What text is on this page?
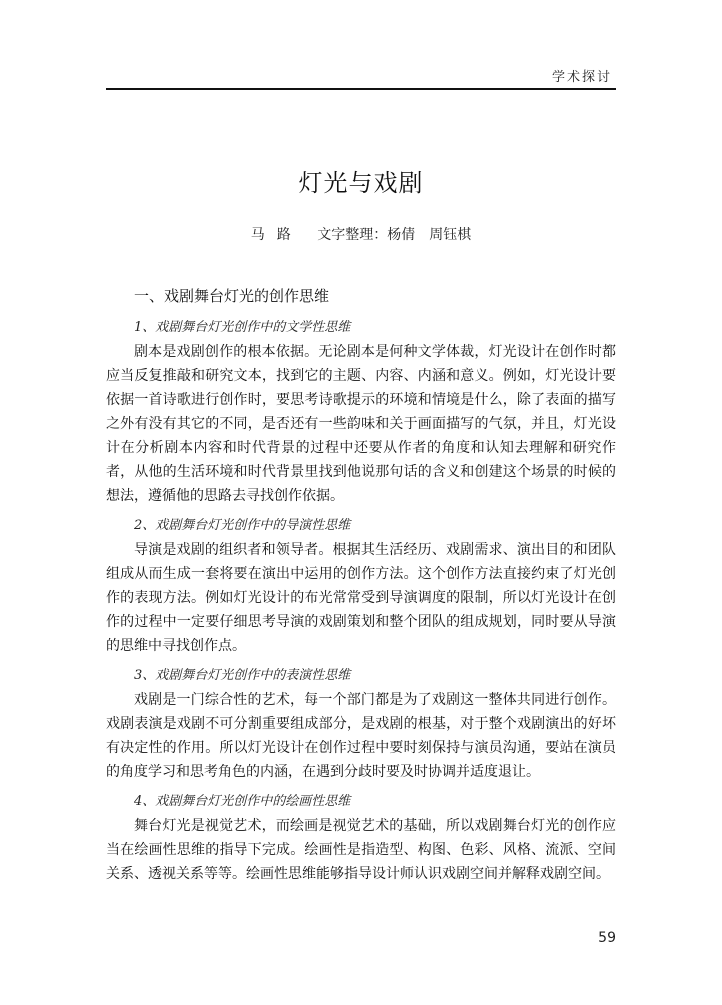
学术探讨
灯光与戏剧
马路 文字整理：杨倩　周钰棋
一、戏剧舞台灯光的创作思维
1、戏剧舞台灯光创作中的文学性思维

剧本是戏剧创作的根本依据。无论剧本是何种文学体裁，灯光设计在创作时都应当反复推敲和研究文本，找到它的主题、内容、内涵和意义。例如，灯光设计要依据一首诗歌进行创作时，要思考诗歌提示的环境和情境是什么，除了表面的描写之外有没有其它的不同，是否还有一些韵味和关于画面描写的气氛，并且，灯光设计在分析剧本内容和时代背景的过程中还要从作者的角度和认知去理解和研究作者，从他的生活环境和时代背景里找到他说那句话的含义和创建这个场景的时候的想法，遵循他的思路去寻找创作依据。

2、戏剧舞台灯光创作中的导演性思维

导演是戏剧的组织者和领导者。根据其生活经历、戏剧需求、演出目的和团队组成从而生成一套将要在演出中运用的创作方法。这个创作方法直接约束了灯光创作的表现方法。例如灯光设计的布光常常受到导演调度的限制，所以灯光设计在创作的过程中一定要仔细思考导演的戏剧策划和整个团队的组成规划，同时要从导演的思维中寻找创作点。

3、戏剧舞台灯光创作中的表演性思维

戏剧是一门综合性的艺术，每一个部门都是为了戏剧这一整体共同进行创作。戏剧表演是戏剧不可分割重要组成部分，是戏剧的根基，对于整个戏剧演出的好坏有决定性的作用。所以灯光设计在创作过程中要时刻保持与演员沟通，要站在演员的角度学习和思考角色的内涵，在遇到分歧时要及时协调并适度退让。

4、戏剧舞台灯光创作中的绘画性思维

舞台灯光是视觉艺术，而绘画是视觉艺术的基础，所以戏剧舞台灯光的创作应当在绘画性思维的指导下完成。绘画性是指造型、构图、色彩、风格、流派、空间关系、透视关系等等。绘画性思维能够指导设计师认识戏剧空间并解释戏剧空间。

59
